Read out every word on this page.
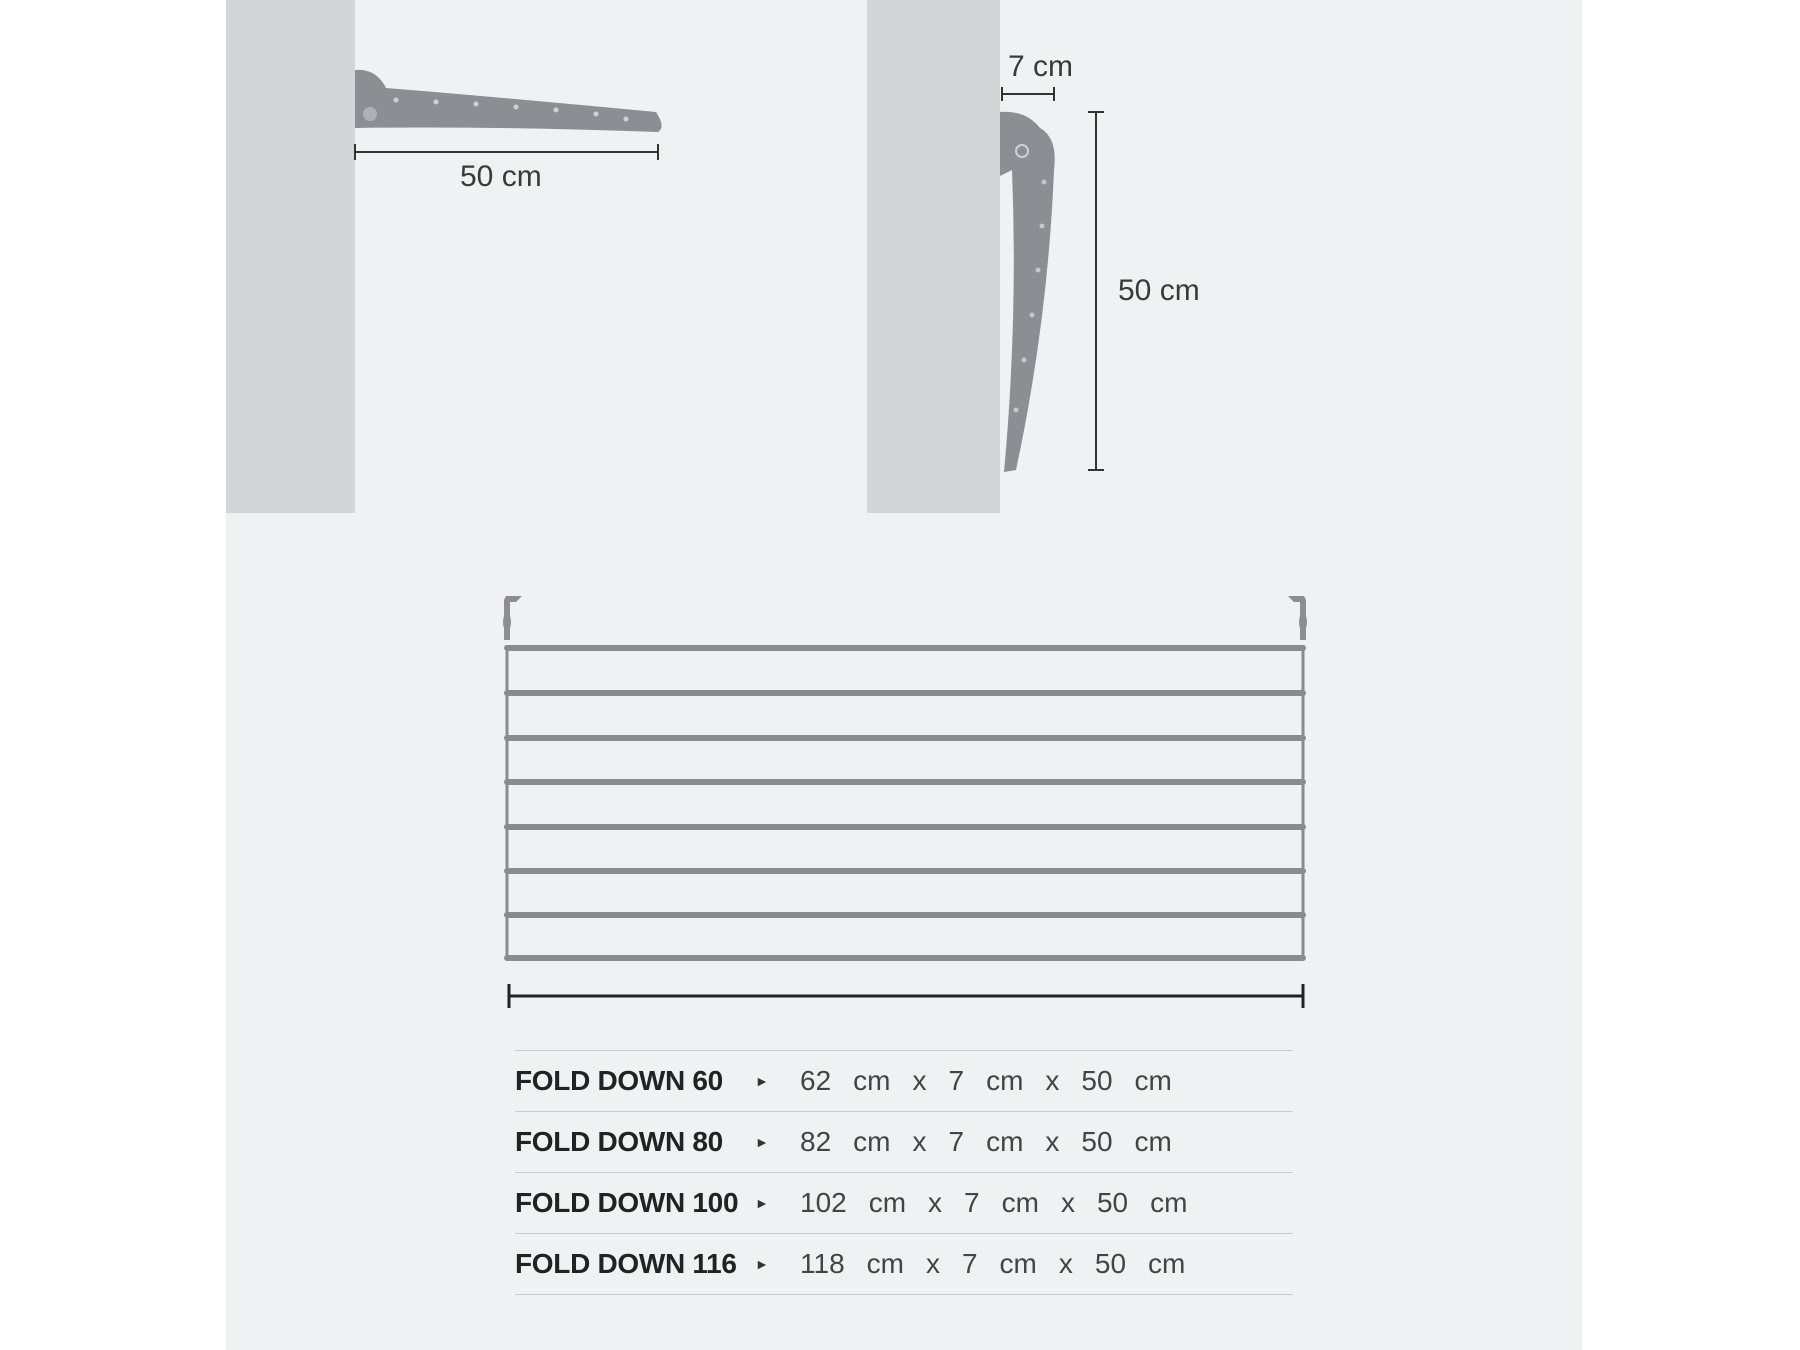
50 cm
7 cm
50 cm
FOLD DOWN 60	►	62 cm x 7 cm x 50 cm
FOLD DOWN 80	►	82 cm x 7 cm x 50 cm
FOLD DOWN 100	►	102 cm x 7 cm x 50 cm
FOLD DOWN 116	►	118 cm x 7 cm x 50 cm
